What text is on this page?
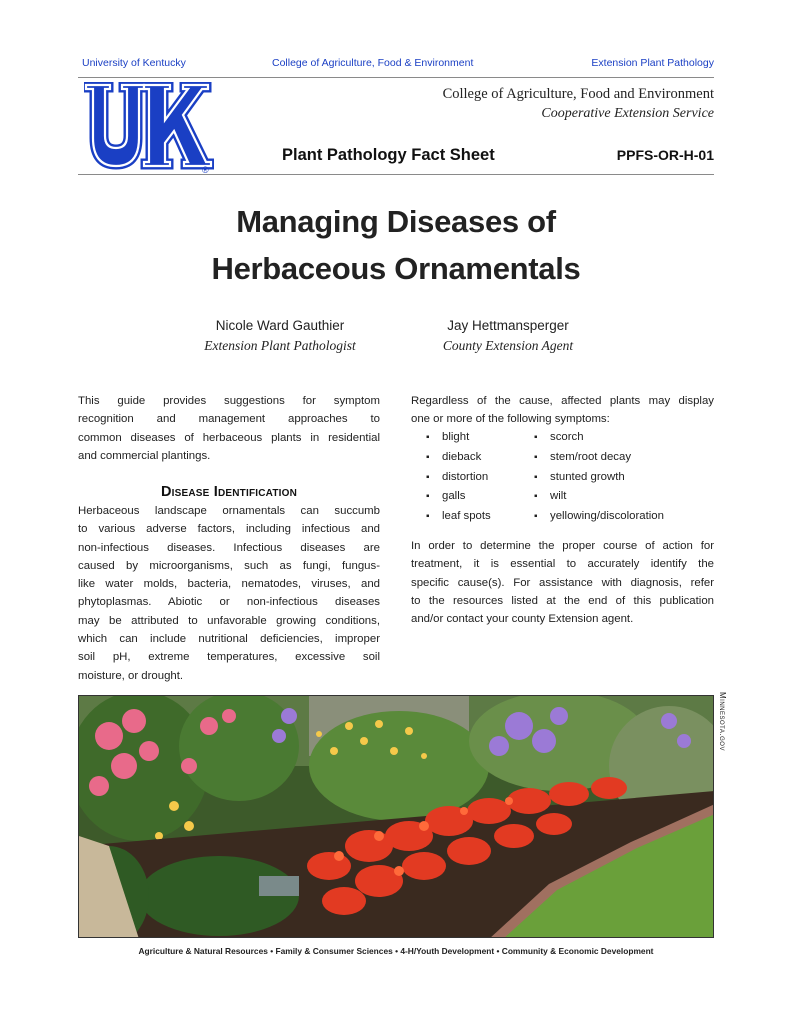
University of Kentucky	College of Agriculture, Food & Environment	Extension Plant Pathology
®
College of Agriculture, Food and Environment
Cooperative Extension Service
Plant Pathology Fact Sheet	PPFS-OR-H-01
Managing Diseases of
Herbaceous Ornamentals
Nicole Ward Gauthier
Extension Plant Pathologist
Jay Hettmansperger
County Extension Agent
This guide provides suggestions for symptom
recognition and management approaches to
common diseases of herbaceous plants in residential
and commercial plantings.
Disease Identification
Herbaceous landscape ornamentals can succumb
to various adverse factors, including infectious and
non-infectious diseases. Infectious diseases are
caused by microorganisms, such as fungi, fungus-
like water molds, bacteria, nematodes, viruses, and
phytoplasmas. Abiotic or non-infectious diseases
may be attributed to unfavorable growing conditions,
which can include nutritional deficiencies, improper
soil pH, extreme temperatures, excessive soil
moisture, or drought.
Regardless of the cause, affected plants may display
one or more of the following symptoms:
▪ blight
▪ dieback
▪ distortion
▪ galls
▪ leaf spots
▪ scorch
▪ stem/root decay
▪ stunted growth
▪ wilt
▪ yellowing/discoloration
In order to determine the proper course of action for
treatment, it is essential to accurately identify the
specific cause(s). For assistance with diagnosis, refer
to the resources listed at the end of this publication
and/or contact your county Extension agent.
Minnesota.gov
Agriculture & Natural Resources • Family & Consumer Sciences • 4-H/Youth Development • Community & Economic Development
